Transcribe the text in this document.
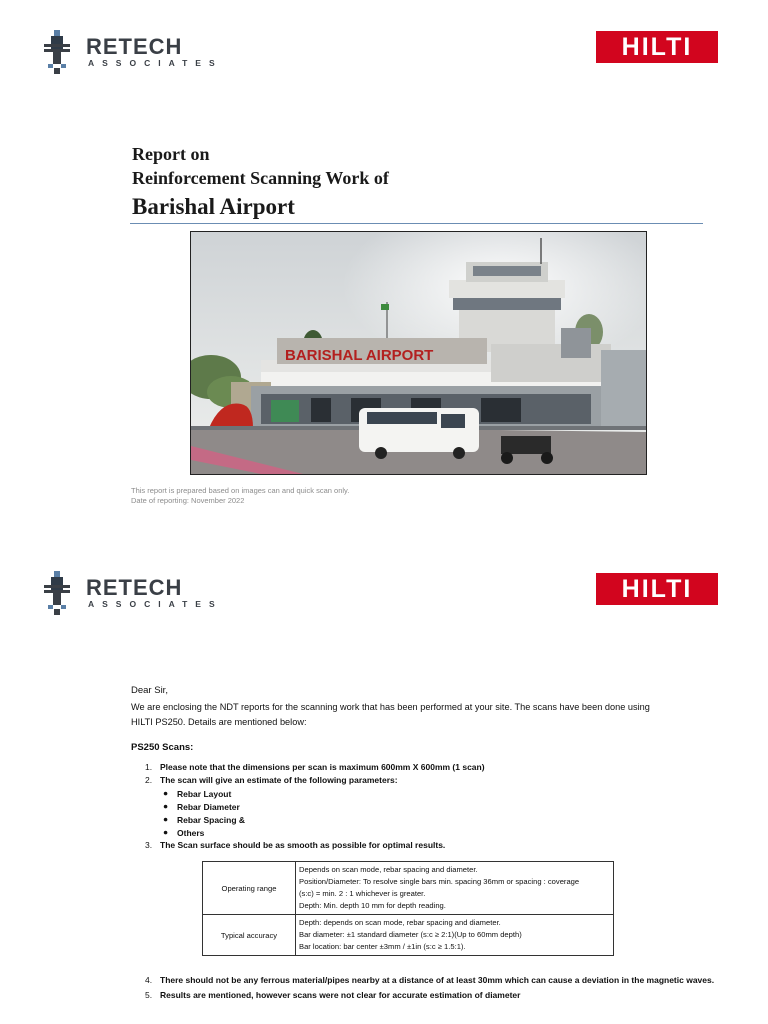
RETECH
ASSOCIATES
HILTI
Report on
Reinforcement Scanning Work of
Barishal Airport
BARISHAL AIRPORT
This report is prepared based on images can and quick scan only.
Date of reporting: November 2022
RETECH
ASSOCIATES
HILTI
Dear Sir,
We are enclosing the NDT reports for the scanning work that has been performed at your site. The scans have been done using
HILTI PS250. Details are mentioned below:
PS250 Scans:
1. Please note that the dimensions per scan is maximum 600mm X 600mm (1 scan)
2. The scan will give an estimate of the following parameters:
● Rebar Layout
● Rebar Diameter
● Rebar Spacing &
● Others
3. The Scan surface should be as smooth as possible for optimal results.
Operating range	Depends on scan mode, rebar spacing and diameter.
Position/Diameter: To resolve single bars min. spacing 36mm or spacing : coverage
(s:c) = min. 2 : 1 whichever is greater.
Depth: Min. depth 10 mm for depth reading.

Typical accuracy	Depth: depends on scan mode, rebar spacing and diameter.
Bar diameter: ±1 standard diameter (s:c ≥ 2:1)(Up to 60mm depth)
Bar location: bar center ±3mm / ±1in (s:c ≥ 1.5:1).
4. There should not be any ferrous material/pipes nearby at a distance of at least 30mm which can cause a deviation in the magnetic waves.
5. Results are mentioned, however scans were not clear for accurate estimation of diameter
